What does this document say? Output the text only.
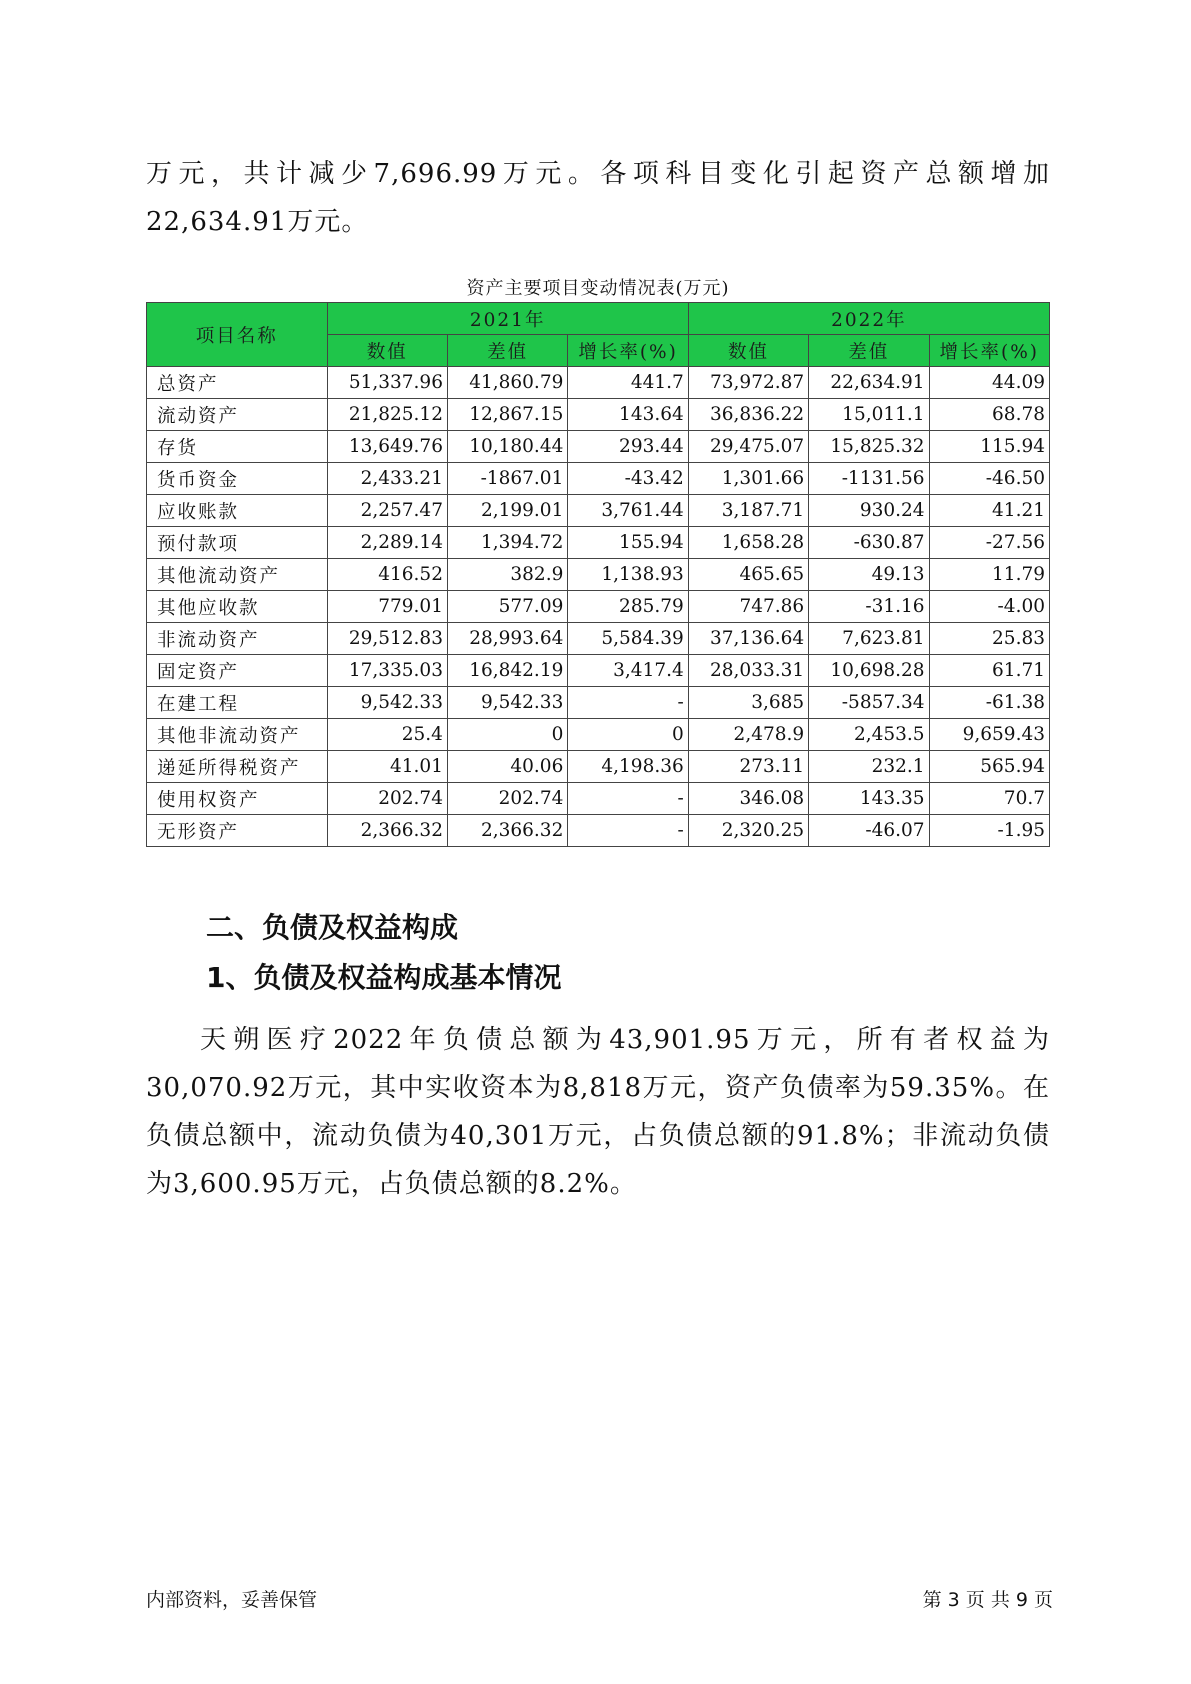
万元，共计减少7,696.99万元。各项科目变化引起资产总额增加22,634.91万元。

资产主要项目变动情况表(万元)
项目名称	2021年			2022年		
	数值	差值	增长率(%)	数值	差值	增长率(%)
总资产	51,337.96	41,860.79	441.7	73,972.87	22,634.91	44.09
流动资产	21,825.12	12,867.15	143.64	36,836.22	15,011.1	68.78
存货	13,649.76	10,180.44	293.44	29,475.07	15,825.32	115.94
货币资金	2,433.21	-1867.01	-43.42	1,301.66	-1131.56	-46.50
应收账款	2,257.47	2,199.01	3,761.44	3,187.71	930.24	41.21
预付款项	2,289.14	1,394.72	155.94	1,658.28	-630.87	-27.56
其他流动资产	416.52	382.9	1,138.93	465.65	49.13	11.79
其他应收款	779.01	577.09	285.79	747.86	-31.16	-4.00
非流动资产	29,512.83	28,993.64	5,584.39	37,136.64	7,623.81	25.83
固定资产	17,335.03	16,842.19	3,417.4	28,033.31	10,698.28	61.71
在建工程	9,542.33	9,542.33	-	3,685	-5857.34	-61.38
其他非流动资产	25.4	0	0	2,478.9	2,453.5	9,659.43
递延所得税资产	41.01	40.06	4,198.36	273.11	232.1	565.94
使用权资产	202.74	202.74	-	346.08	143.35	70.7
无形资产	2,366.32	2,366.32	-	2,320.25	-46.07	-1.95
二、负债及权益构成
1、负债及权益构成基本情况

天朔医疗2022年负债总额为43,901.95万元，所有者权益为30,070.92万元，其中实收资本为8,818万元，资产负债率为59.35%。在负债总额中，流动负债为40,301万元，占负债总额的91.8%；非流动负债为3,600.95万元，占负债总额的8.2%。

内部资料，妥善保管	第 3 页 共 9 页
